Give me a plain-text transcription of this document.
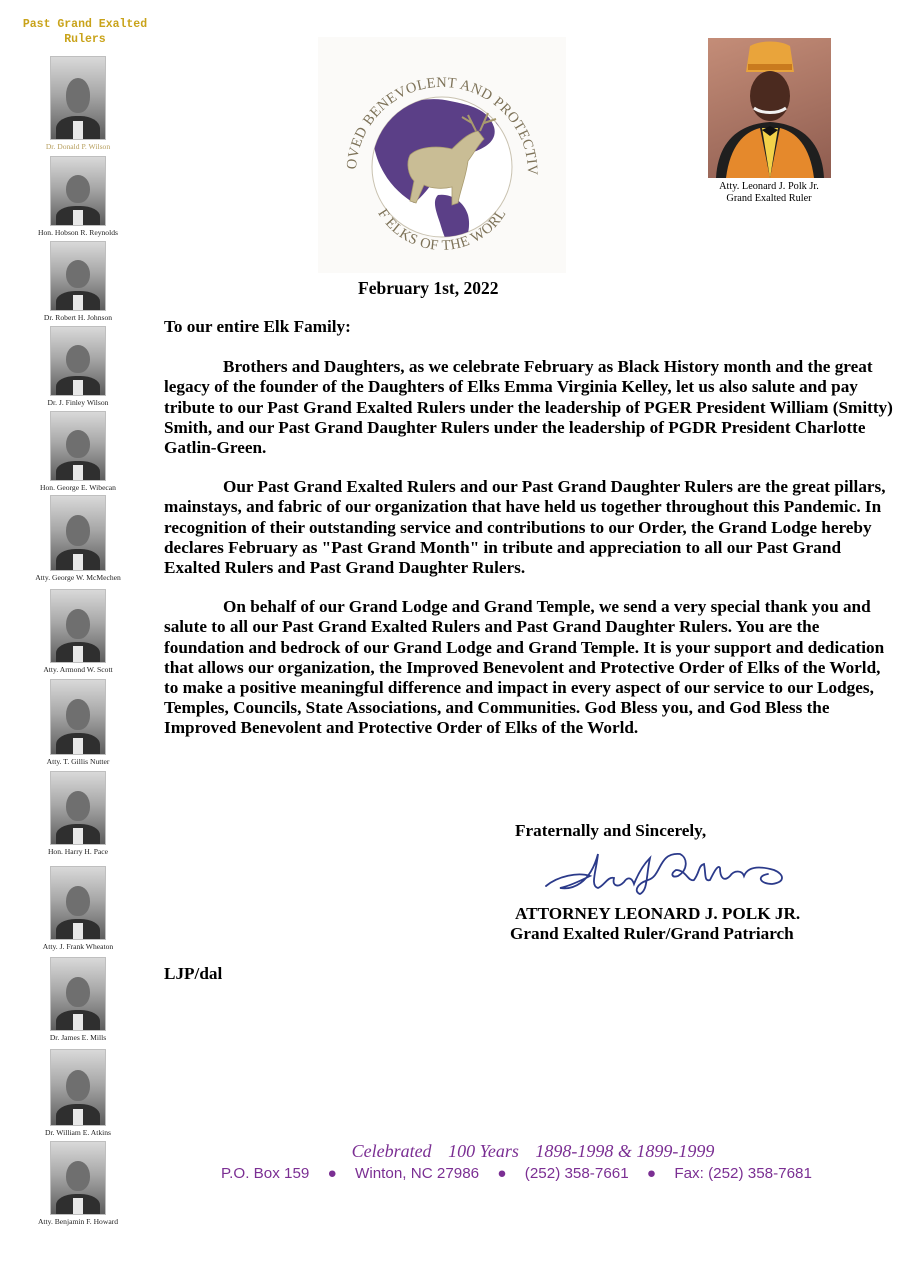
Past Grand Exalted
Rulers
Dr. Donald P. Wilson
Hon. Hobson R. Reynolds
Dr. Robert H. Johnson
Dr. J. Finley Wilson
Hon. George E. Wibecan
Atty. George W. McMechen
Atty. Armond W. Scott
Atty. T. Gillis Nutter
Hon. Harry H. Pace
Atty. J. Frank Wheaton
Dr. James E. Mills
Dr. William E. Atkins
Atty. Benjamin F. Howard
OVED BENEVOLENT AND PROTECTIV
F ELKS OF THE WORL
Atty. Leonard J. Polk Jr.
Grand Exalted Ruler
February 1st, 2022

To our entire Elk Family:

Brothers and Daughters, as we celebrate February as Black History month and the great legacy of the founder of the Daughters of Elks Emma Virginia Kelley, let us also salute and pay tribute to our Past Grand Exalted Rulers under the leadership of PGER President William (Smitty) Smith, and our Past Grand Daughter Rulers under the leadership of PGDR President Charlotte Gatlin-Green.

Our Past Grand Exalted Rulers and our Past Grand Daughter Rulers are the great pillars, mainstays, and fabric of our organization that have held us together throughout this Pandemic. In recognition of their outstanding service and contributions to our Order, the Grand Lodge hereby declares February as "Past Grand Month" in tribute and appreciation to all our Past Grand Exalted Rulers and Past Grand Daughter Rulers.

On behalf of our Grand Lodge and Grand Temple, we send a very special thank you and salute to all our Past Grand Exalted Rulers and Past Grand Daughter Rulers. You are the foundation and bedrock of our Grand Lodge and Grand Temple. It is your support and dedication that allows our organization, the Improved Benevolent and Protective Order of Elks of the World, to make a positive meaningful difference and impact in every aspect of our service to our Lodges, Temples, Councils, State Associations, and Communities. God Bless you, and God Bless the Improved Benevolent and Protective Order of Elks of the World.

Fraternally and Sincerely,
ATTORNEY LEONARD J. POLK JR.
Grand Exalted Ruler/Grand Patriarch
LJP/dal
Celebrated 100 Years 1898-1998 & 1899-1999
P.O. Box 159 ● Winton, NC 27986 ● (252) 358-7661 ● Fax: (252) 358-7681
